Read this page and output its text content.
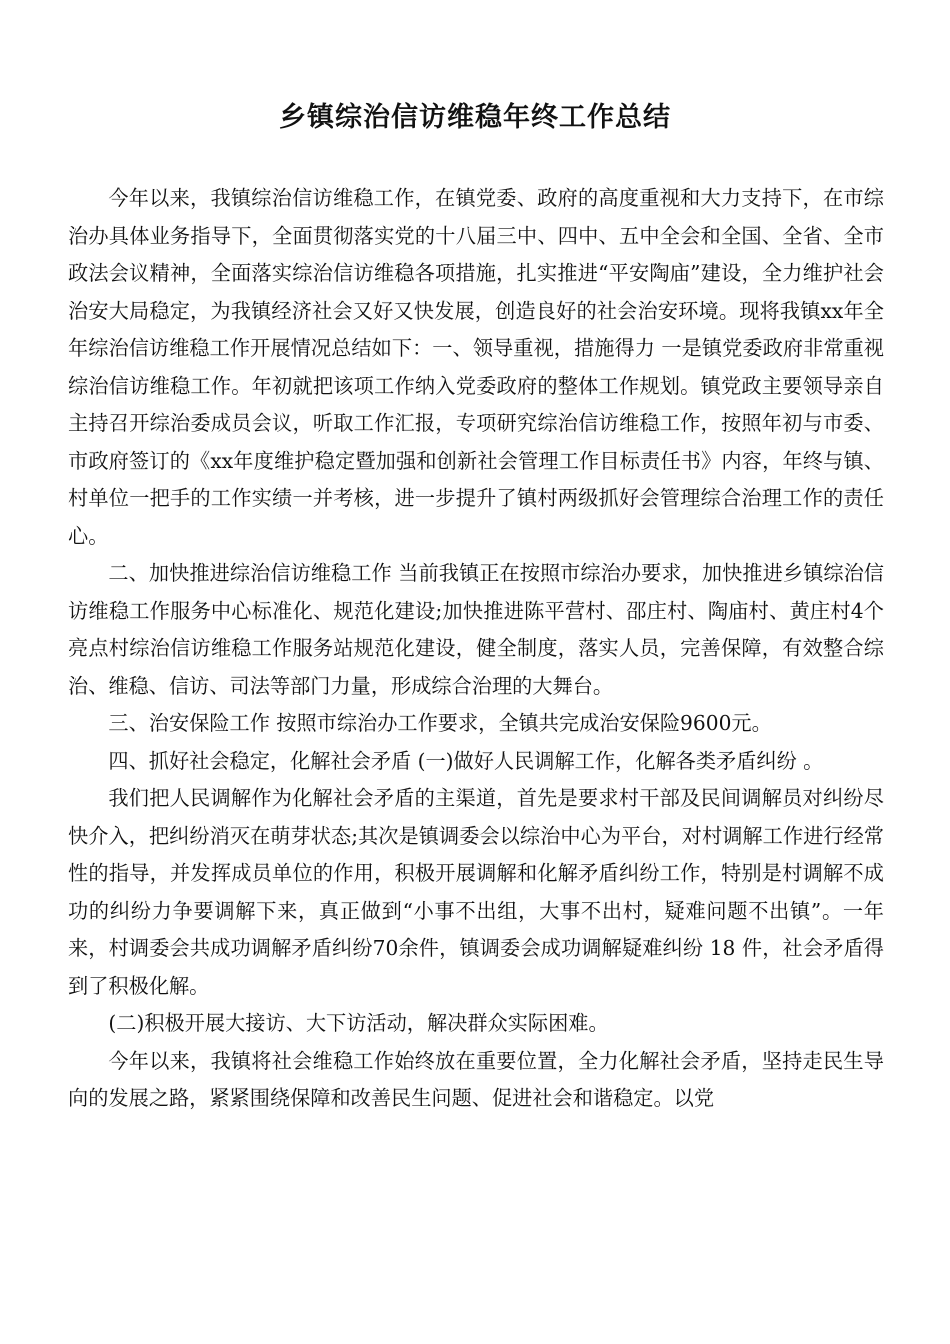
乡镇综治信访维稳年终工作总结

今年以来，我镇综治信访维稳工作，在镇党委、政府的高度重视和大力支持下，在市综治办具体业务指导下，全面贯彻落实党的十八届三中、四中、五中全会和全国、全省、全市政法会议精神，全面落实综治信访维稳各项措施，扎实推进“平安陶庙”建设，全力维护社会治安大局稳定，为我镇经济社会又好又快发展，创造良好的社会治安环境。现将我镇xx年全年综治信访维稳工作开展情况总结如下：一、领导重视，措施得力 一是镇党委政府非常重视综治信访维稳工作。年初就把该项工作纳入党委政府的整体工作规划。镇党政主要领导亲自主持召开综治委成员会议，听取工作汇报，专项研究综治信访维稳工作，按照年初与市委、市政府签订的《xx年度维护稳定暨加强和创新社会管理工作目标责任书》内容，年终与镇、村单位一把手的工作实绩一并考核，进一步提升了镇村两级抓好会管理综合治理工作的责任心。

二、加快推进综治信访维稳工作 当前我镇正在按照市综治办要求，加快推进乡镇综治信访维稳工作服务中心标准化、规范化建设;加快推进陈平营村、邵庄村、陶庙村、黄庄村4个亮点村综治信访维稳工作服务站规范化建设，健全制度，落实人员，完善保障，有效整合综治、维稳、信访、司法等部门力量，形成综合治理的大舞台。

三、治安保险工作 按照市综治办工作要求，全镇共完成治安保险9600元。

四、抓好社会稳定，化解社会矛盾 (一)做好人民调解工作，化解各类矛盾纠纷 。

我们把人民调解作为化解社会矛盾的主渠道，首先是要求村干部及民间调解员对纠纷尽快介入，把纠纷消灭在萌芽状态;其次是镇调委会以综治中心为平台，对村调解工作进行经常性的指导，并发挥成员单位的作用，积极开展调解和化解矛盾纠纷工作，特别是村调解不成功的纠纷力争要调解下来，真正做到“小事不出组，大事不出村，疑难问题不出镇”。一年来，村调委会共成功调解矛盾纠纷70余件，镇调委会成功调解疑难纠纷 18 件，社会矛盾得到了积极化解。

(二)积极开展大接访、大下访活动，解决群众实际困难。

今年以来，我镇将社会维稳工作始终放在重要位置，全力化解社会矛盾，坚持走民生导向的发展之路，紧紧围绕保障和改善民生问题、促进社会和谐稳定。以党
